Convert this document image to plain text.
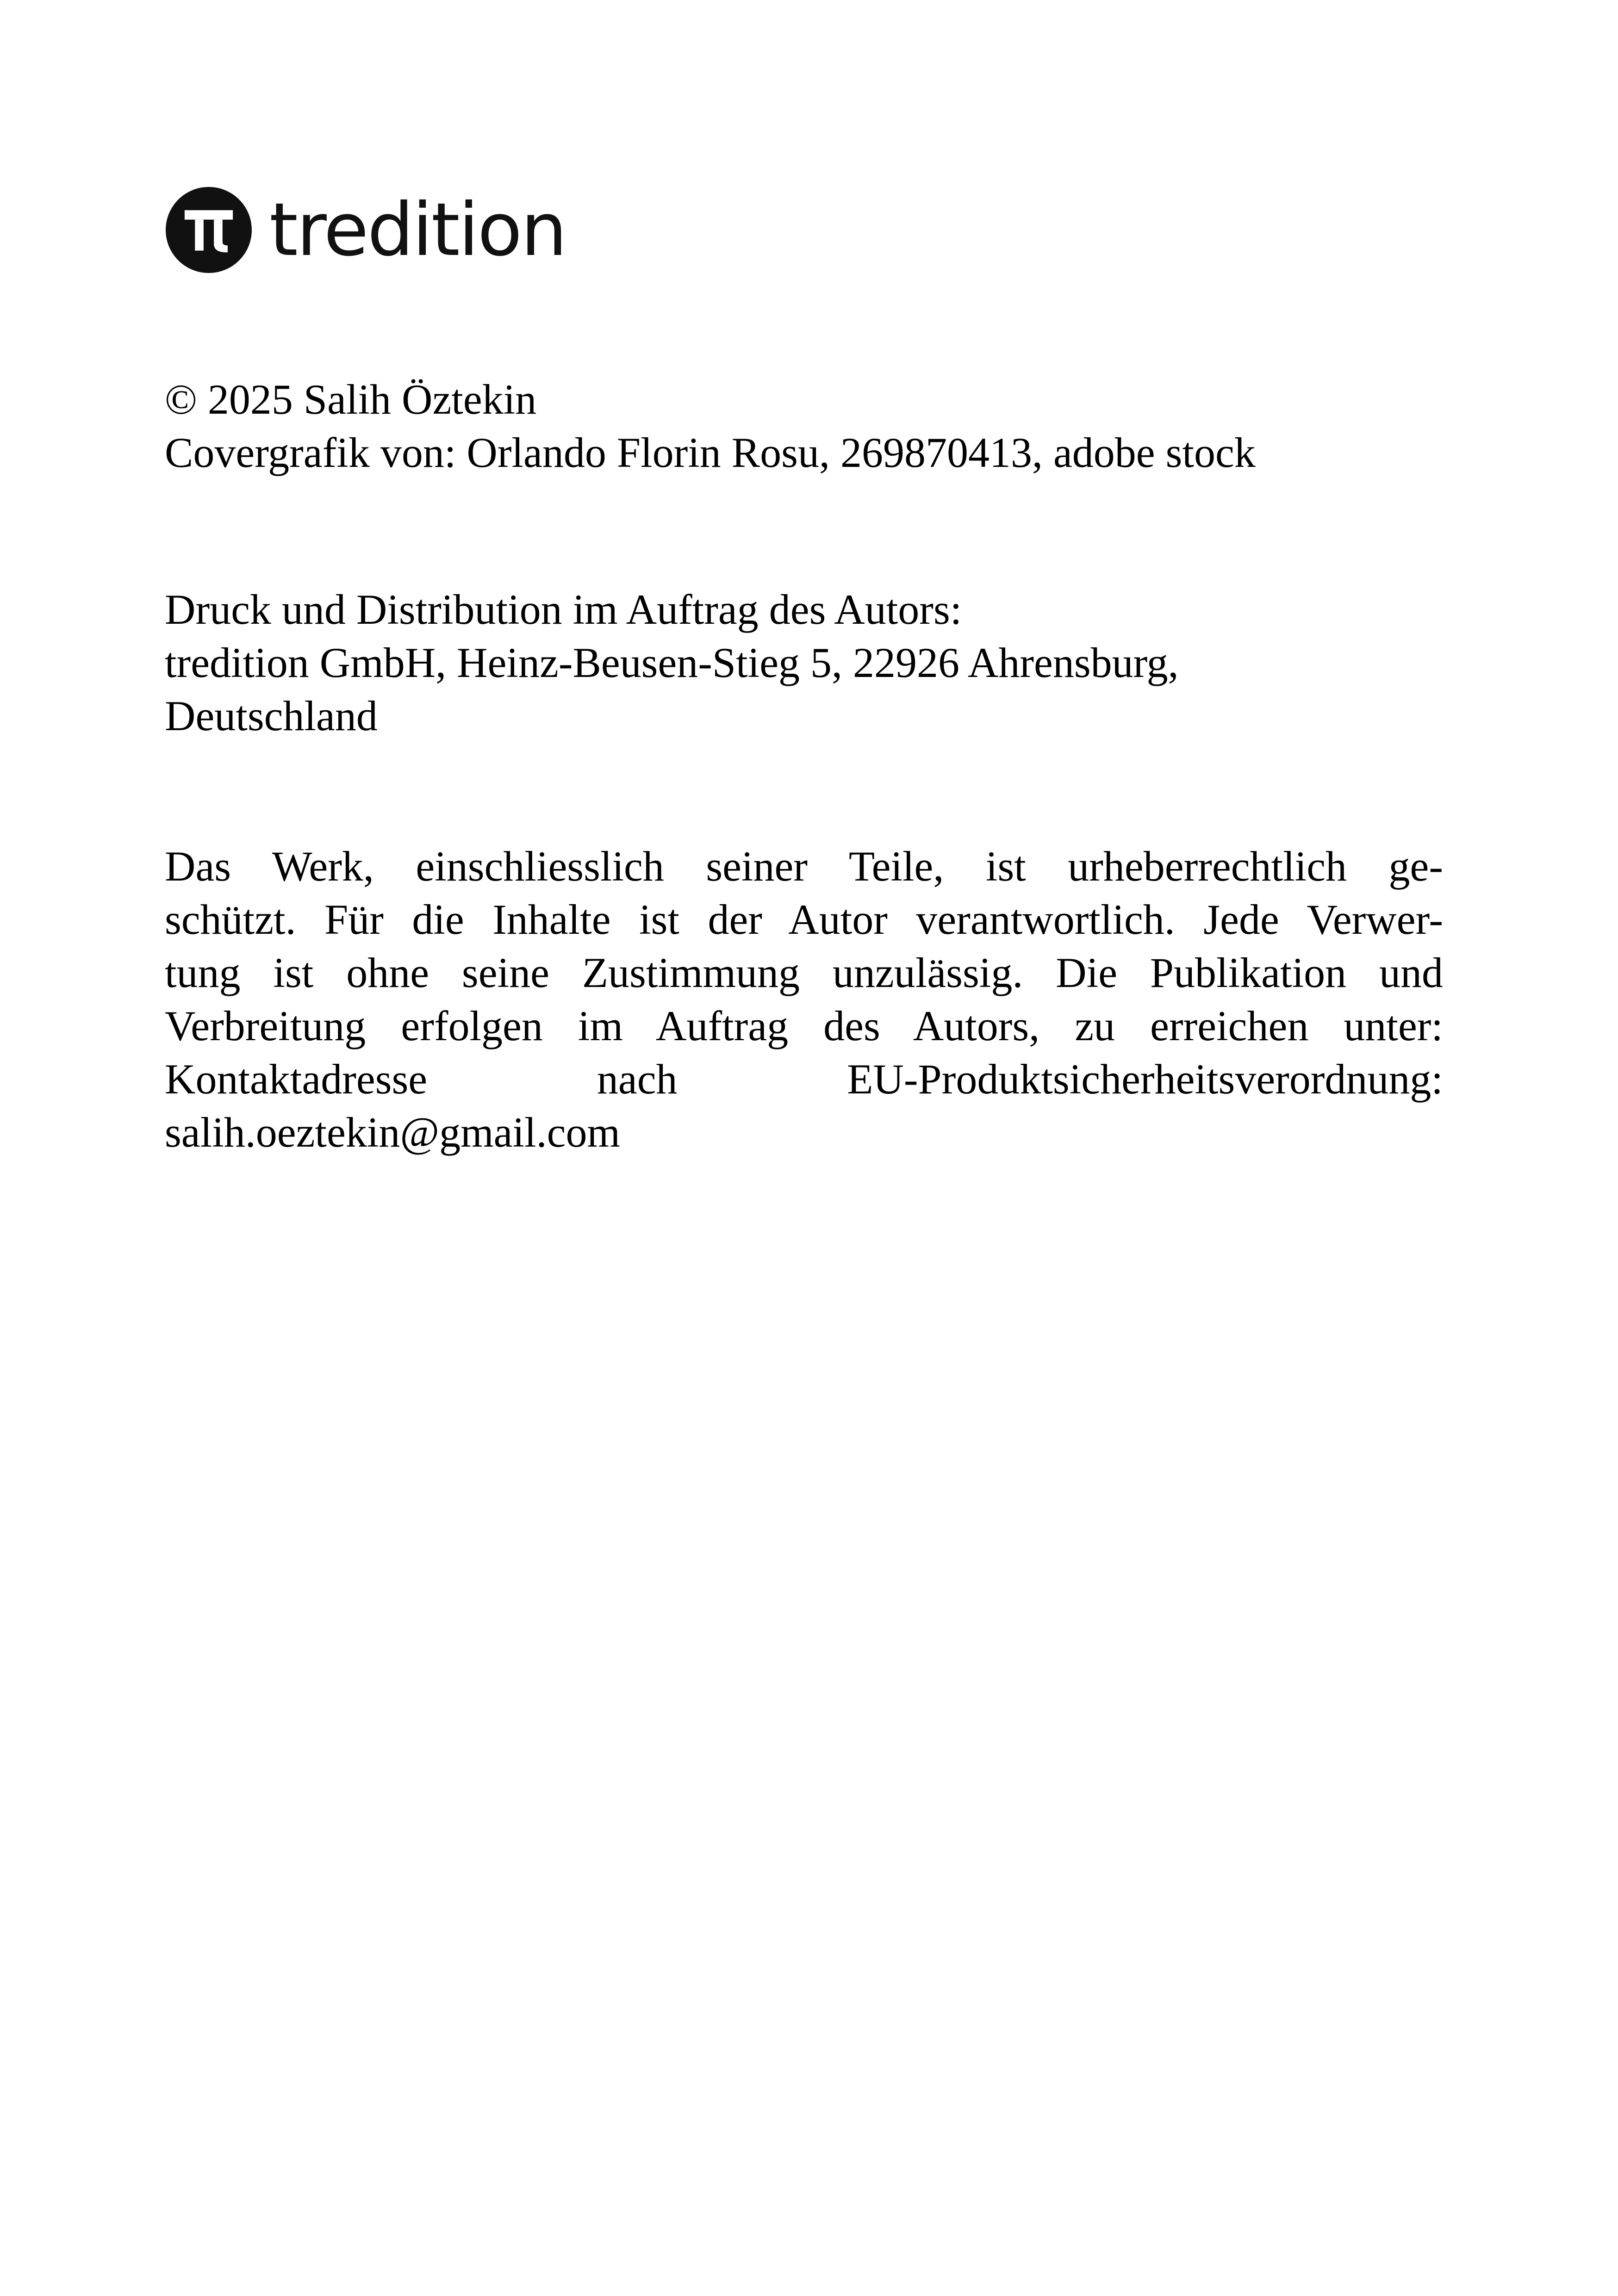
tredition
© 2025 Salih Öztekin
Covergrafik von: Orlando Florin Rosu, 269870413, adobe stock
Druck und Distribution im Auftrag des Autors:
tredition GmbH, Heinz-Beusen-Stieg 5, 22926 Ahrensburg,
Deutschland
Das Werk, einschliesslich seiner Teile, ist urheberrechtlich ge-
schützt. Für die Inhalte ist der Autor verantwortlich. Jede Verwer-
tung ist ohne seine Zustimmung unzulässig. Die Publikation und
Verbreitung erfolgen im Auftrag des Autors, zu erreichen unter:
Kontaktadresse nach EU-Produktsicherheitsverordnung:
salih.oeztekin@gmail.com
